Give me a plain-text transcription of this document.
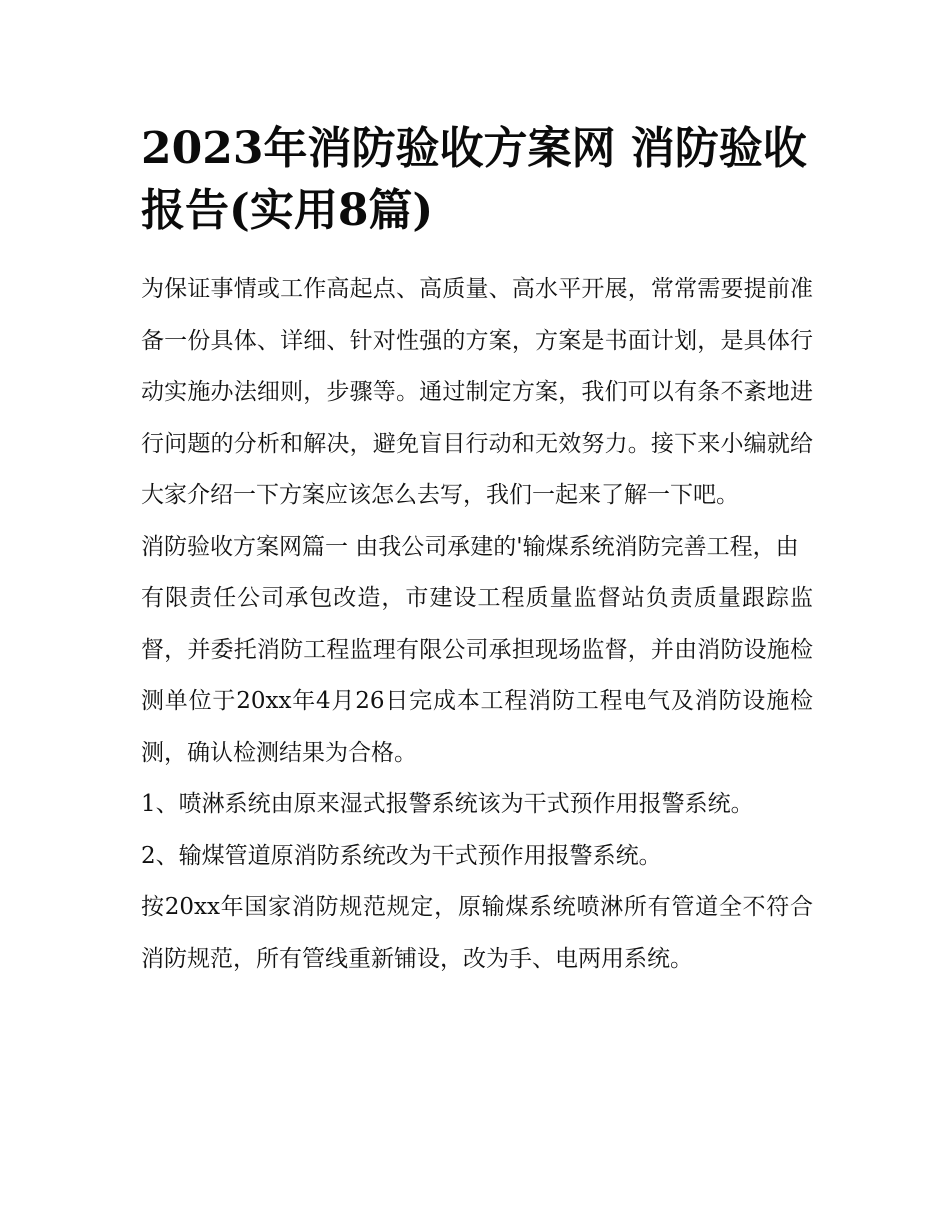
2023年消防验收方案网 消防验收报告(实用8篇)

为保证事情或工作高起点、高质量、高水平开展，常常需要提前准备一份具体、详细、针对性强的方案，方案是书面计划，是具体行动实施办法细则，步骤等。通过制定方案，我们可以有条不紊地进行问题的分析和解决，避免盲目行动和无效努力。接下来小编就给大家介绍一下方案应该怎么去写，我们一起来了解一下吧。

消防验收方案网篇一 由我公司承建的'输煤系统消防完善工程，由

有限责任公司承包改造，市建设工程质量监督站负责质量跟踪监督，并委托消防工程监理有限公司承担现场监督，并由消防设施检测单位于20xx年4月26日完成本工程消防工程电气及消防设施检测，确认检测结果为合格。

1、喷淋系统由原来湿式报警系统该为干式预作用报警系统。

2、输煤管道原消防系统改为干式预作用报警系统。

按20xx年国家消防规范规定，原输煤系统喷淋所有管道全不符合消防规范，所有管线重新铺设，改为手、电两用系统。
